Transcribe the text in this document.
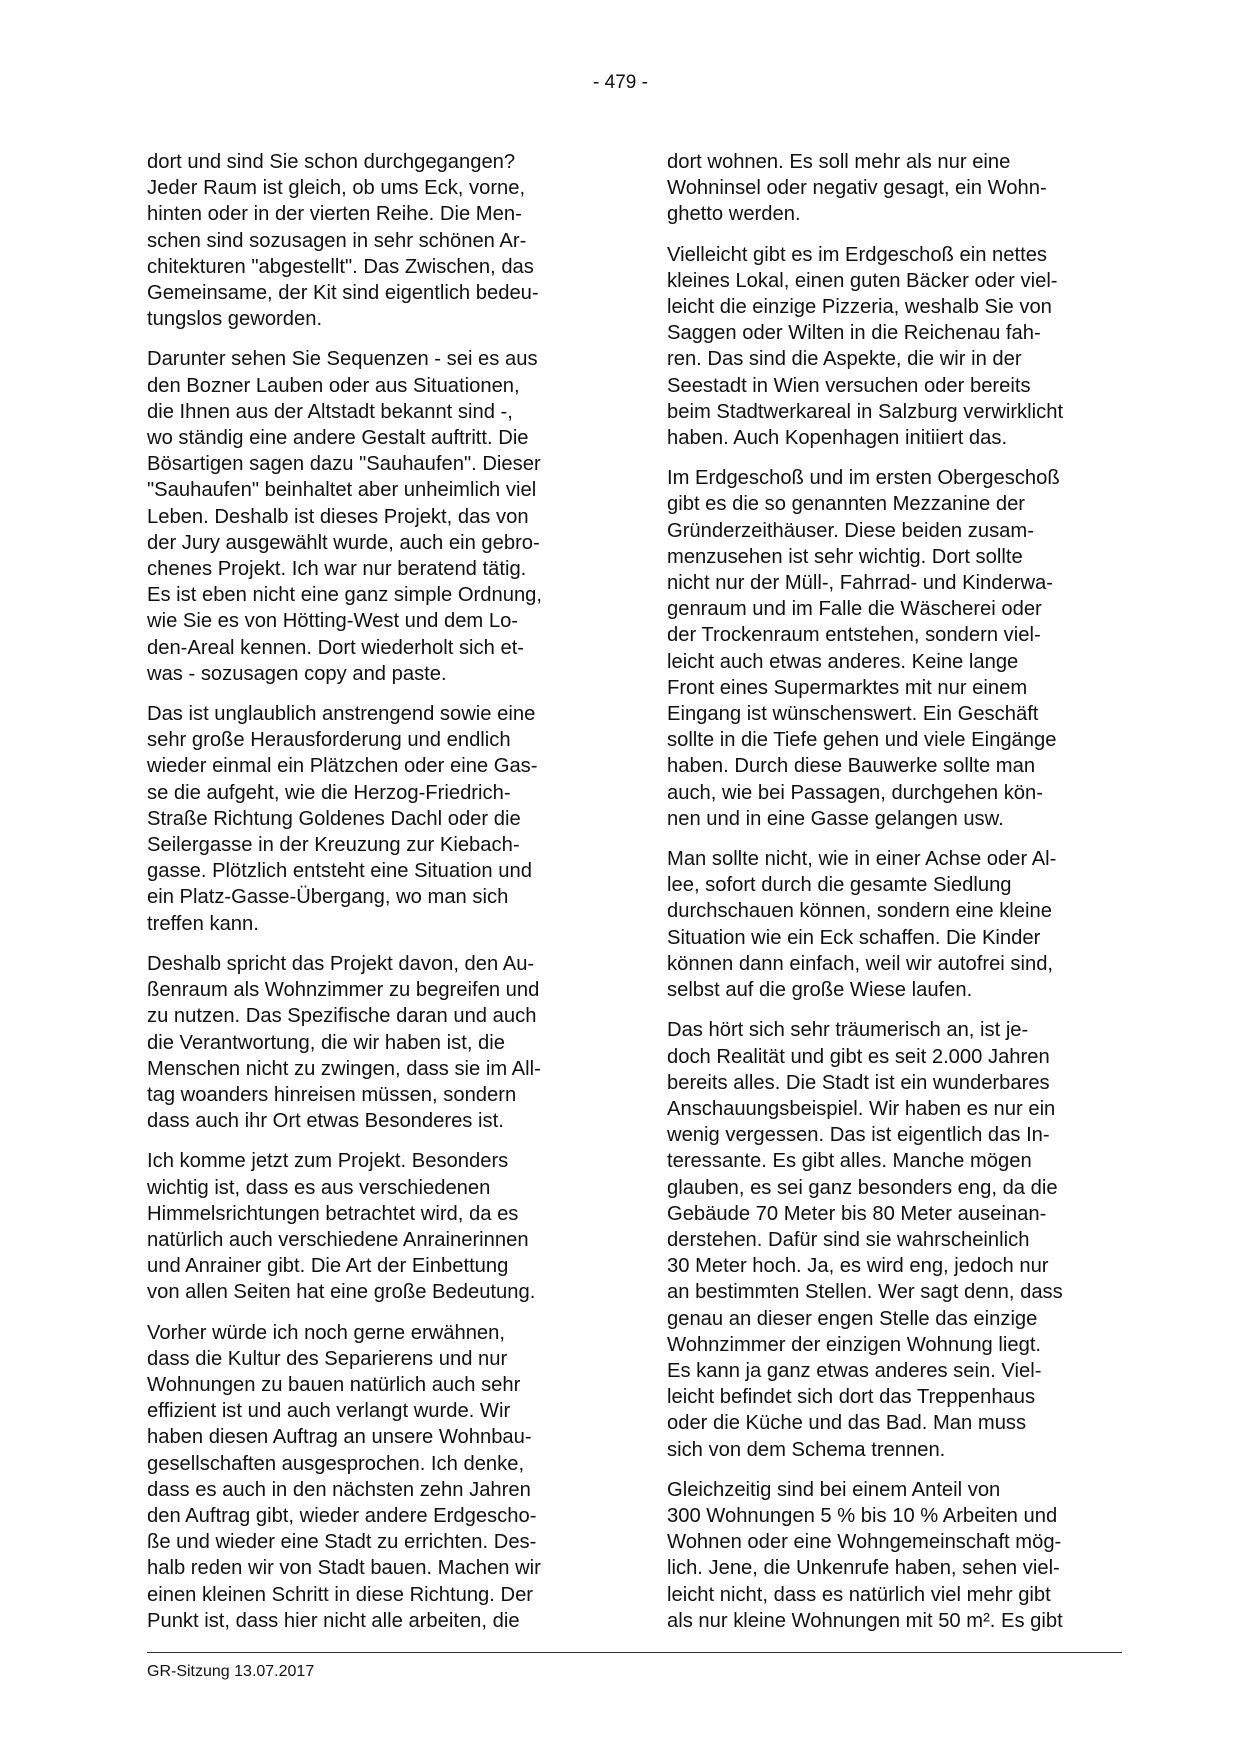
- 479 -

dort und sind Sie schon durchgegangen?
Jeder Raum ist gleich, ob ums Eck, vorne,
hinten oder in der vierten Reihe. Die Men-
schen sind sozusagen in sehr schönen Ar-
chitekturen "abgestellt". Das Zwischen, das
Gemeinsame, der Kit sind eigentlich bedeu-
tungslos geworden.

Darunter sehen Sie Sequenzen - sei es aus
den Bozner Lauben oder aus Situationen,
die Ihnen aus der Altstadt bekannt sind -,
wo ständig eine andere Gestalt auftritt. Die
Bösartigen sagen dazu "Sauhaufen". Dieser
"Sauhaufen" beinhaltet aber unheimlich viel
Leben. Deshalb ist dieses Projekt, das von
der Jury ausgewählt wurde, auch ein gebro-
chenes Projekt. Ich war nur beratend tätig.
Es ist eben nicht eine ganz simple Ordnung,
wie Sie es von Hötting-West und dem Lo-
den-Areal kennen. Dort wiederholt sich et-
was - sozusagen copy and paste.

Das ist unglaublich anstrengend sowie eine
sehr große Herausforderung und endlich
wieder einmal ein Plätzchen oder eine Gas-
se die aufgeht, wie die Herzog-Friedrich-
Straße Richtung Goldenes Dachl oder die
Seilergasse in der Kreuzung zur Kiebach-
gasse. Plötzlich entsteht eine Situation und
ein Platz-Gasse-Übergang, wo man sich
treffen kann.

Deshalb spricht das Projekt davon, den Au-
ßenraum als Wohnzimmer zu begreifen und
zu nutzen. Das Spezifische daran und auch
die Verantwortung, die wir haben ist, die
Menschen nicht zu zwingen, dass sie im All-
tag woanders hinreisen müssen, sondern
dass auch ihr Ort etwas Besonderes ist.

Ich komme jetzt zum Projekt. Besonders
wichtig ist, dass es aus verschiedenen
Himmelsrichtungen betrachtet wird, da es
natürlich auch verschiedene Anrainerinnen
und Anrainer gibt. Die Art der Einbettung
von allen Seiten hat eine große Bedeutung.

Vorher würde ich noch gerne erwähnen,
dass die Kultur des Separierens und nur
Wohnungen zu bauen natürlich auch sehr
effizient ist und auch verlangt wurde. Wir
haben diesen Auftrag an unsere Wohnbau-
gesellschaften ausgesprochen. Ich denke,
dass es auch in den nächsten zehn Jahren
den Auftrag gibt, wieder andere Erdgescho-
ße und wieder eine Stadt zu errichten. Des-
halb reden wir von Stadt bauen. Machen wir
einen kleinen Schritt in diese Richtung. Der
Punkt ist, dass hier nicht alle arbeiten, die

dort wohnen. Es soll mehr als nur eine
Wohninsel oder negativ gesagt, ein Wohn-
ghetto werden.

Vielleicht gibt es im Erdgeschoß ein nettes
kleines Lokal, einen guten Bäcker oder viel-
leicht die einzige Pizzeria, weshalb Sie von
Saggen oder Wilten in die Reichenau fah-
ren. Das sind die Aspekte, die wir in der
Seestadt in Wien versuchen oder bereits
beim Stadtwerkareal in Salzburg verwirklicht
haben. Auch Kopenhagen initiiert das.

Im Erdgeschoß und im ersten Obergeschoß
gibt es die so genannten Mezzanine der
Gründerzeithäuser. Diese beiden zusam-
menzusehen ist sehr wichtig. Dort sollte
nicht nur der Müll-, Fahrrad- und Kinderwa-
genraum und im Falle die Wäscherei oder
der Trockenraum entstehen, sondern viel-
leicht auch etwas anderes. Keine lange
Front eines Supermarktes mit nur einem
Eingang ist wünschenswert. Ein Geschäft
sollte in die Tiefe gehen und viele Eingänge
haben. Durch diese Bauwerke sollte man
auch, wie bei Passagen, durchgehen kön-
nen und in eine Gasse gelangen usw.

Man sollte nicht, wie in einer Achse oder Al-
lee, sofort durch die gesamte Siedlung
durchschauen können, sondern eine kleine
Situation wie ein Eck schaffen. Die Kinder
können dann einfach, weil wir autofrei sind,
selbst auf die große Wiese laufen.

Das hört sich sehr träumerisch an, ist je-
doch Realität und gibt es seit 2.000 Jahren
bereits alles. Die Stadt ist ein wunderbares
Anschauungsbeispiel. Wir haben es nur ein
wenig vergessen. Das ist eigentlich das In-
teressante. Es gibt alles. Manche mögen
glauben, es sei ganz besonders eng, da die
Gebäude 70 Meter bis 80 Meter auseinan-
derstehen. Dafür sind sie wahrscheinlich
30 Meter hoch. Ja, es wird eng, jedoch nur
an bestimmten Stellen. Wer sagt denn, dass
genau an dieser engen Stelle das einzige
Wohnzimmer der einzigen Wohnung liegt.
Es kann ja ganz etwas anderes sein. Viel-
leicht befindet sich dort das Treppenhaus
oder die Küche und das Bad. Man muss
sich von dem Schema trennen.

Gleichzeitig sind bei einem Anteil von
300 Wohnungen 5 % bis 10 % Arbeiten und
Wohnen oder eine Wohngemeinschaft mög-
lich. Jene, die Unkenrufe haben, sehen viel-
leicht nicht, dass es natürlich viel mehr gibt
als nur kleine Wohnungen mit 50 m². Es gibt

GR-Sitzung 13.07.2017
